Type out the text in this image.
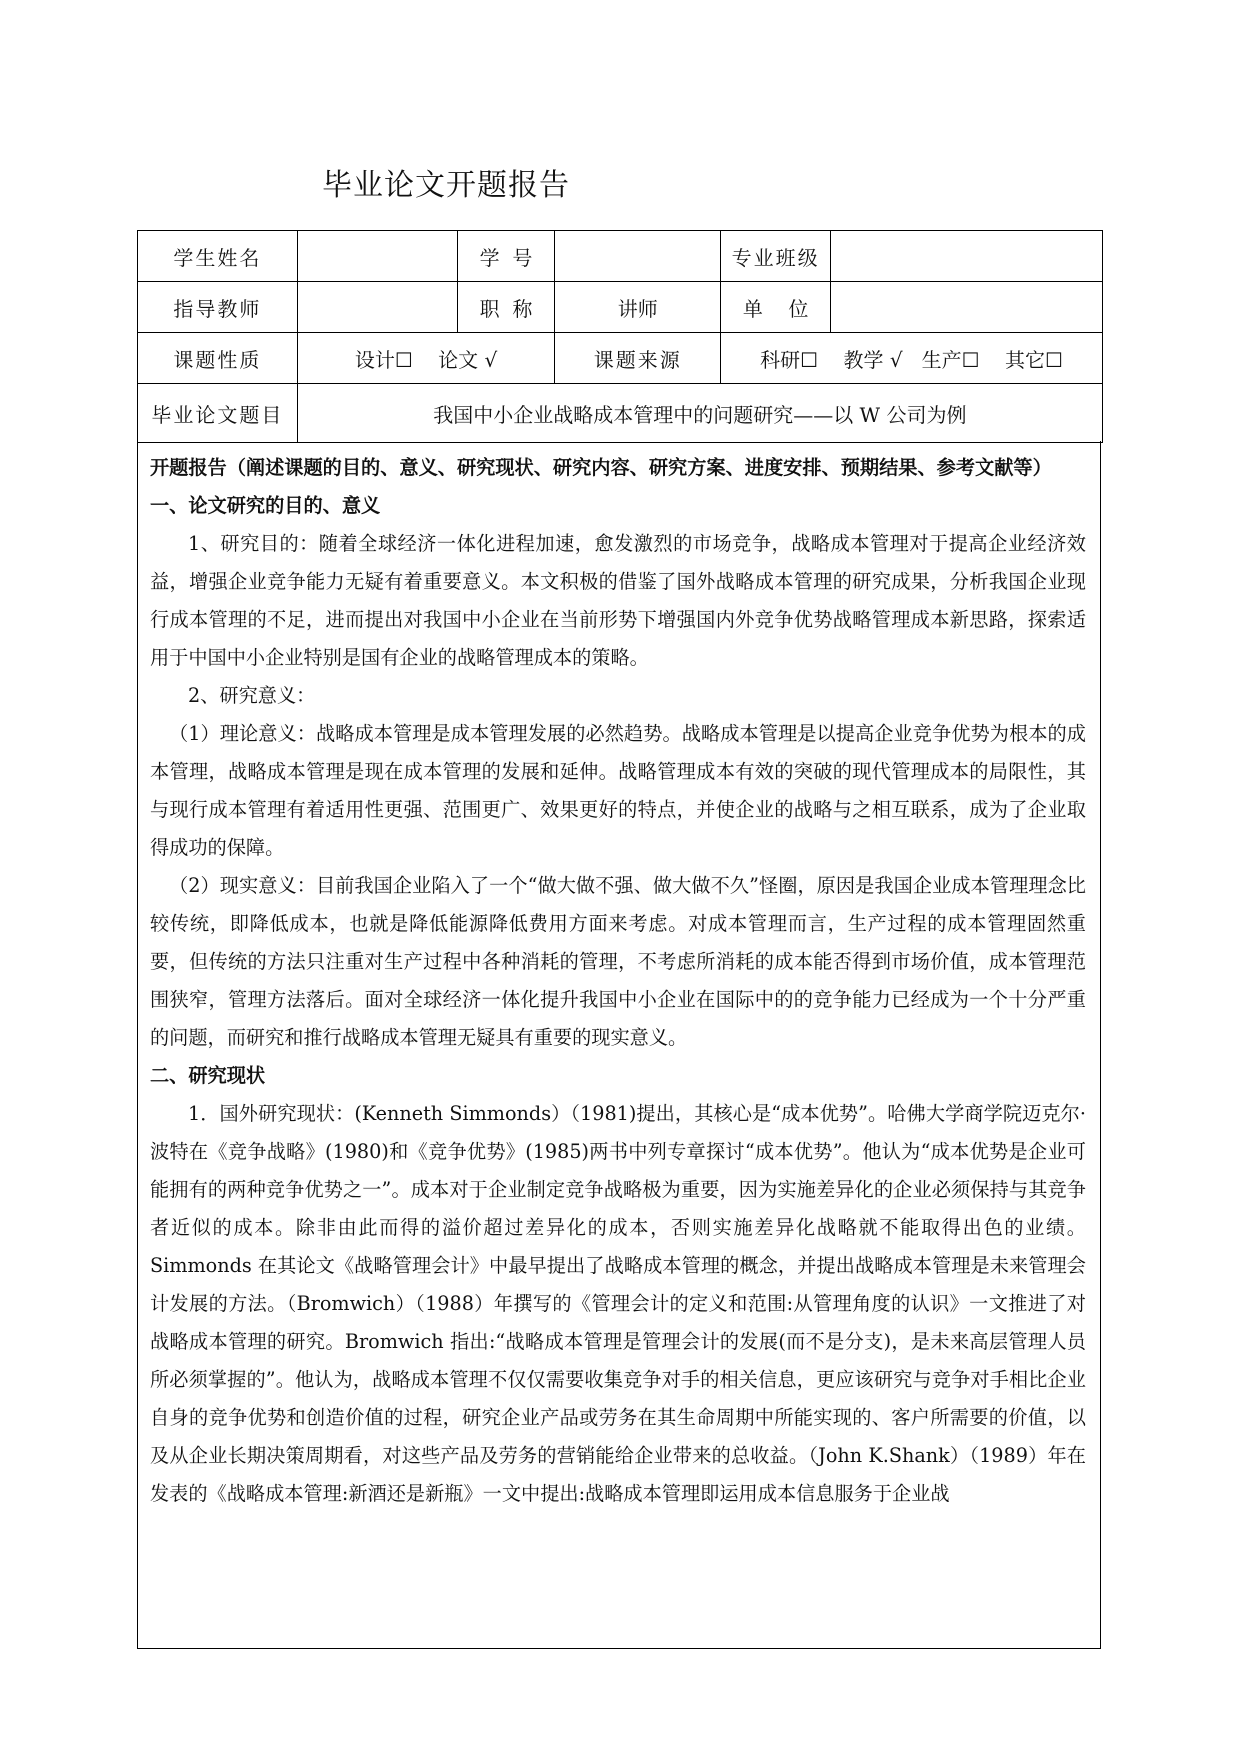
毕业论文开题报告
学生姓名		学  号		专业班级	
指导教师		职  称	讲师	单    位	
课题性质	设计☐    论文 √		课题来源	科研☐    教学 √   生产☐    其它☐	
毕业论文题目	我国中小企业战略成本管理中的问题研究——以 W 公司为例				

开题报告（阐述课题的目的、意义、研究现状、研究内容、研究方案、进度安排、预期结果、参考文献等）

一、论文研究的目的、意义

1、研究目的：随着全球经济一体化进程加速，愈发激烈的市场竞争，战略成本管理对于提高企业经济效益，增强企业竞争能力无疑有着重要意义。本文积极的借鉴了国外战略成本管理的研究成果，分析我国企业现行成本管理的不足，进而提出对我国中小企业在当前形势下增强国内外竞争优势战略管理成本新思路，探索适用于中国中小企业特别是国有企业的战略管理成本的策略。

2、研究意义：

（1）理论意义：战略成本管理是成本管理发展的必然趋势。战略成本管理是以提高企业竞争优势为根本的成本管理，战略成本管理是现在成本管理的发展和延伸。战略管理成本有效的突破的现代管理成本的局限性，其与现行成本管理有着适用性更强、范围更广、效果更好的特点，并使企业的战略与之相互联系，成为了企业取得成功的保障。

（2）现实意义：目前我国企业陷入了一个“做大做不强、做大做不久”怪圈，原因是我国企业成本管理理念比较传统，即降低成本，也就是降低能源降低费用方面来考虑。对成本管理而言，生产过程的成本管理固然重要，但传统的方法只注重对生产过程中各种消耗的管理，不考虑所消耗的成本能否得到市场价值，成本管理范围狭窄，管理方法落后。面对全球经济一体化提升我国中小企业在国际中的的竞争能力已经成为一个十分严重的问题，而研究和推行战略成本管理无疑具有重要的现实意义。

二、研究现状

1．国外研究现状：(Kenneth Simmonds）（1981)提出，其核心是“成本优势”。哈佛大学商学院迈克尔·波特在《竞争战略》(1980)和《竞争优势》(1985)两书中列专章探讨“成本优势”。他认为“成本优势是企业可能拥有的两种竞争优势之一”。成本对于企业制定竞争战略极为重要，因为实施差异化的企业必须保持与其竞争者近似的成本。除非由此而得的溢价超过差异化的成本，否则实施差异化战略就不能取得出色的业绩。Simmonds 在其论文《战略管理会计》中最早提出了战略成本管理的概念，并提出战略成本管理是未来管理会计发展的方法。（Bromwich）（1988）年撰写的《管理会计的定义和范围:从管理角度的认识》一文推进了对战略成本管理的研究。Bromwich 指出:“战略成本管理是管理会计的发展(而不是分支)，是未来高层管理人员所必须掌握的”。他认为，战略成本管理不仅仅需要收集竞争对手的相关信息，更应该研究与竞争对手相比企业自身的竞争优势和创造价值的过程，研究企业产品或劳务在其生命周期中所能实现的、客户所需要的价值，以及从企业长期决策周期看，对这些产品及劳务的营销能给企业带来的总收益。（John K.Shank）（1989）年在发表的《战略成本管理:新酒还是新瓶》一文中提出:战略成本管理即运用成本信息服务于企业战
